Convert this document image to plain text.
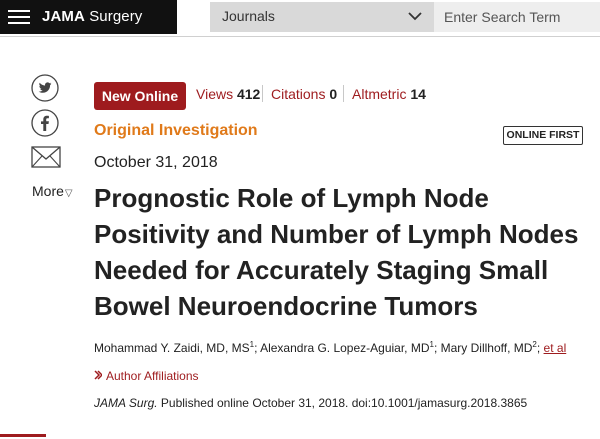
JAMA Surgery	Journals
Enter Search Term
More▽
New Online	Views 412 Citations 0 Altmetric 14
Original Investigation	ONLINE FIRST
October 31, 2018
Prognostic Role of Lymph Node Positivity and Number of Lymph Nodes Needed for Accurately Staging Small Bowel Neuroendocrine Tumors
Mohammad Y. Zaidi, MD, $MS^1$; Alexandra G. Lopez-Aguiar, $MD^1$; Mary Dillhoff, $MD^2$; et al
Author Affiliations
JAMA Surg. Published online October 31, 2018. doi:10.1001/jamasurg.2018.3865
